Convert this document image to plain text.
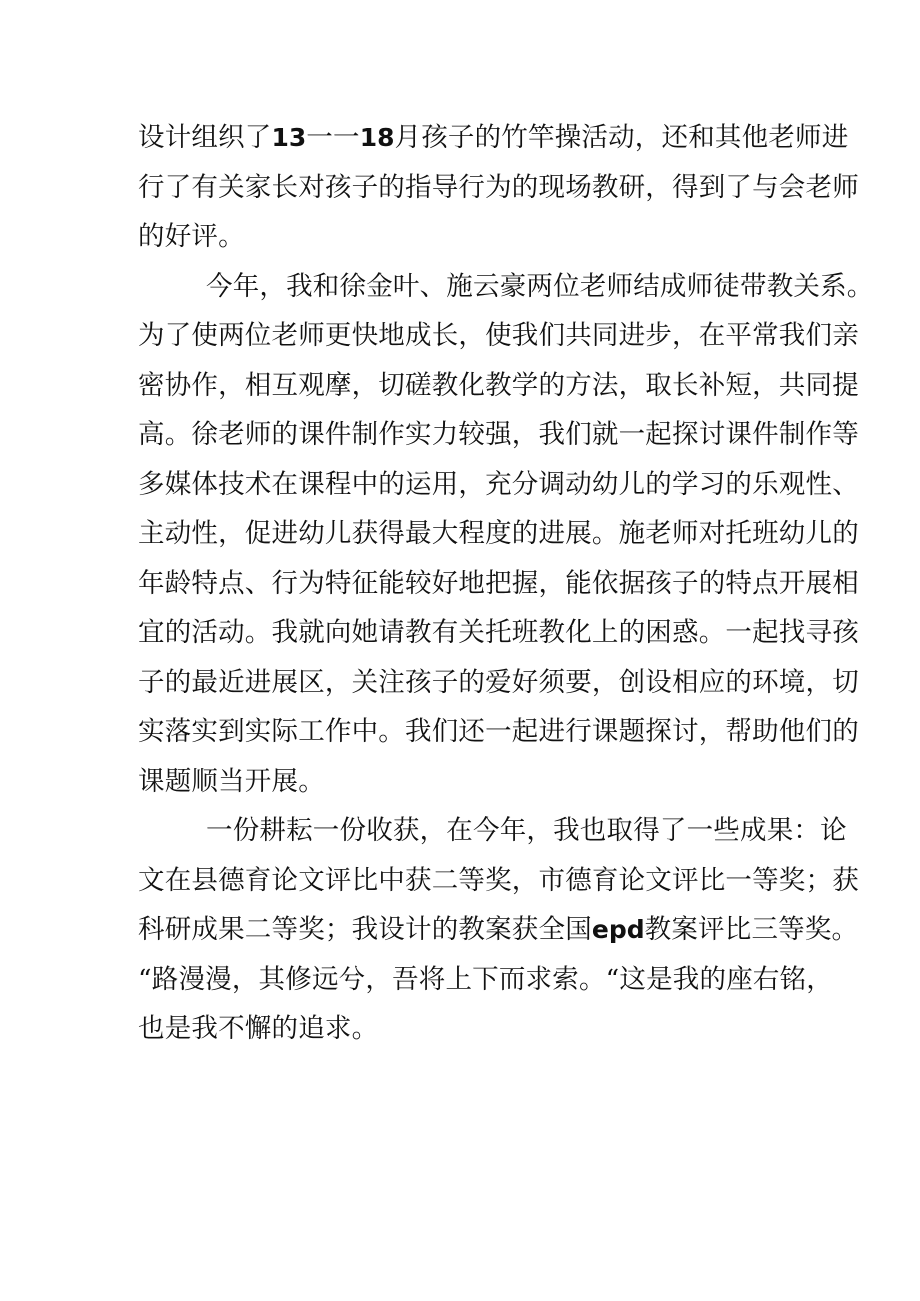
设计组织了13一一18月孩子的竹竿操活动，还和其他老师进
行了有关家长对孩子的指导行为的现场教研，得到了与会老师
的好评。
今年，我和徐金叶、施云豪两位老师结成师徒带教关系。
为了使两位老师更快地成长，使我们共同进步，在平常我们亲
密协作，相互观摩，切磋教化教学的方法，取长补短，共同提
高。徐老师的课件制作实力较强，我们就一起探讨课件制作等
多媒体技术在课程中的运用，充分调动幼儿的学习的乐观性、
主动性，促进幼儿获得最大程度的进展。施老师对托班幼儿的
年龄特点、行为特征能较好地把握，能依据孩子的特点开展相
宜的活动。我就向她请教有关托班教化上的困惑。一起找寻孩
子的最近进展区，关注孩子的爱好须要，创设相应的环境，切
实落实到实际工作中。我们还一起进行课题探讨，帮助他们的
课题顺当开展。
一份耕耘一份收获，在今年，我也取得了一些成果：论
文在县德育论文评比中获二等奖，市德育论文评比一等奖；获
科研成果二等奖；我设计的教案获全国epd教案评比三等奖。
“路漫漫，其修远兮，吾将上下而求索。“这是我的座右铭，
也是我不懈的追求。
